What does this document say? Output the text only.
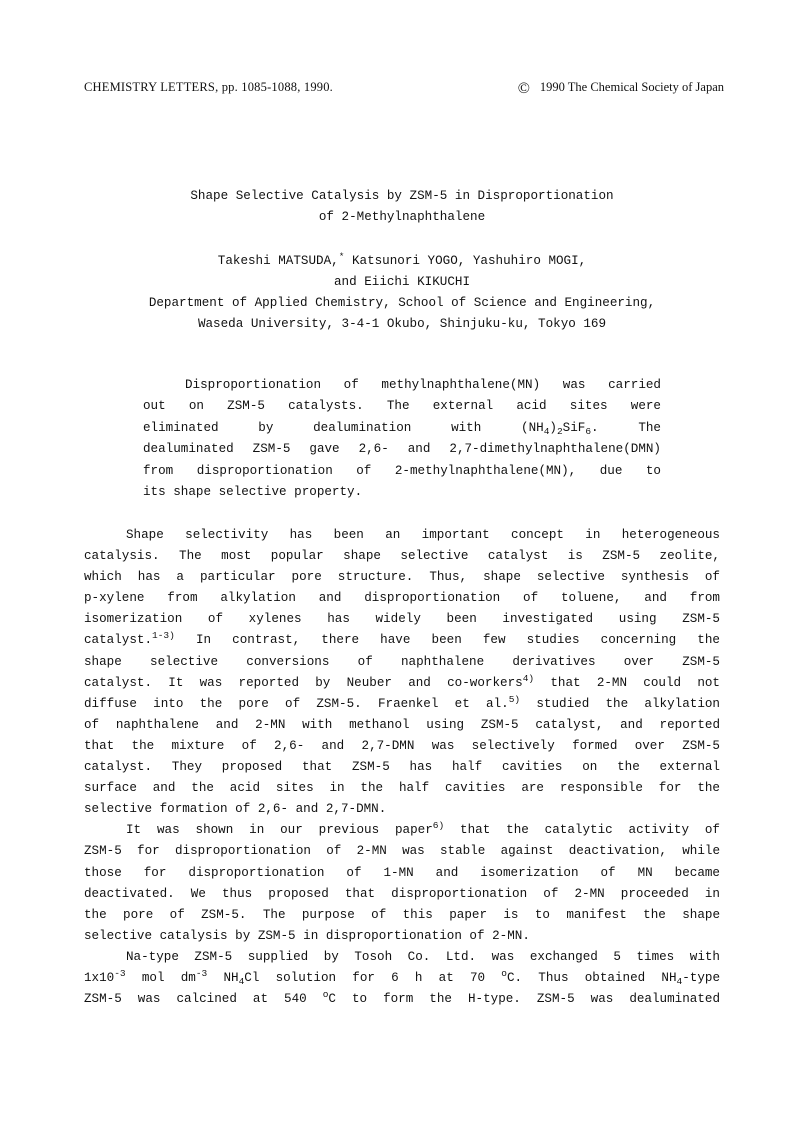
CHEMISTRY LETTERS, pp. 1085-1088, 1990.	© 1990 The Chemical Society of Japan
Shape Selective Catalysis by ZSM-5 in Disproportionation
of 2-Methylnaphthalene
Takeshi MATSUDA,* Katsunori YOGO, Yashuhiro MOGI,
and Eiichi KIKUCHI
Department of Applied Chemistry, School of Science and Engineering,
Waseda University, 3-4-1 Okubo, Shinjuku-ku, Tokyo 169
Disproportionation of methylnaphthalene(MN) was carried
out on ZSM-5 catalysts. The external acid sites were
eliminated by dealumination with $(NH_4)_2SiF_6$. The
dealuminated ZSM-5 gave 2,6- and 2,7-dimethylnaphthalene(DMN)
from disproportionation of 2-methylnaphthalene(MN), due to
its shape selective property.
Shape selectivity has been an important concept in heterogeneous
catalysis. The most popular shape selective catalyst is ZSM-5 zeolite,
which has a particular pore structure. Thus, shape selective synthesis of
p-xylene from alkylation and disproportionation of toluene, and from
isomerization of xylenes has widely been investigated using ZSM-5
catalyst.$^{1-3)}$ In contrast, there have been few studies concerning the
shape selective conversions of naphthalene derivatives over ZSM-5
catalyst. It was reported by Neuber and co-workers$^{4)}$ that 2-MN could not
diffuse into the pore of ZSM-5. Fraenkel et al.$^{5)}$ studied the alkylation
of naphthalene and 2-MN with methanol using ZSM-5 catalyst, and reported
that the mixture of 2,6- and 2,7-DMN was selectively formed over ZSM-5
catalyst. They proposed that ZSM-5 has half cavities on the external
surface and the acid sites in the half cavities are responsible for the
selective formation of 2,6- and 2,7-DMN.
It was shown in our previous paper$^{6)}$ that the catalytic activity of
ZSM-5 for disproportionation of 2-MN was stable against deactivation, while
those for disproportionation of 1-MN and isomerization of MN became
deactivated. We thus proposed that disproportionation of 2-MN proceeded in
the pore of ZSM-5. The purpose of this paper is to manifest the shape
selective catalysis by ZSM-5 in disproportionation of 2-MN.
Na-type ZSM-5 supplied by Tosoh Co. Ltd. was exchanged 5 times with
$1x10^{-3}$ mol $dm^{-3}$ $NH_4Cl$ solution for 6 h at 70 $^o$C. Thus obtained $NH_4$-type
ZSM-5 was calcined at 540 $^o$C to form the H-type. ZSM-5 was dealuminated
